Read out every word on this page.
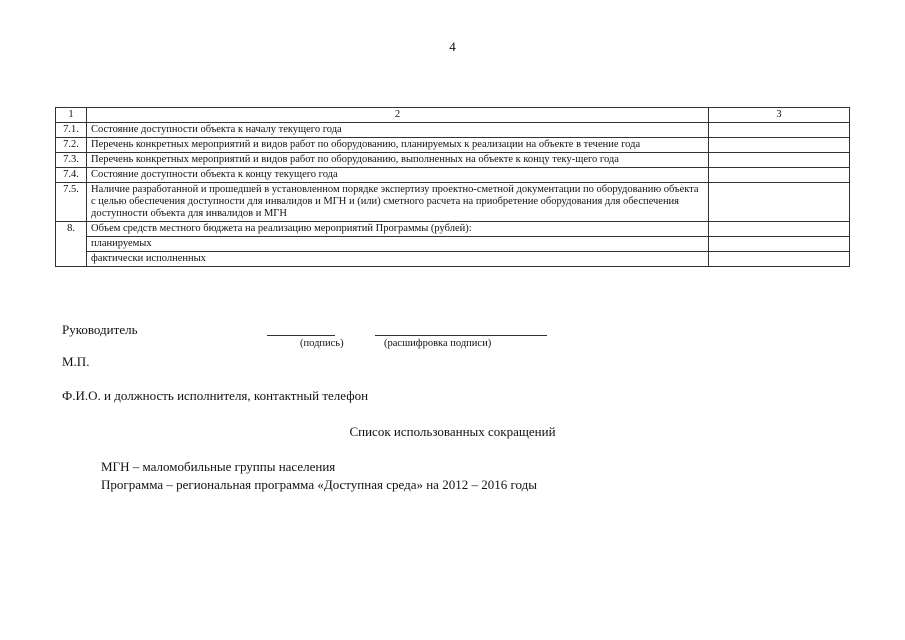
4
1	2	3
7.1.	Состояние доступности объекта к началу текущего года	
7.2.	Перечень конкретных мероприятий и видов работ по оборудованию, планируемых к реализации на объекте в течение года	
7.3.	Перечень конкретных мероприятий и видов работ по оборудованию, выполненных на объекте к концу теку-щего года	
7.4.	Состояние доступности объекта к концу текущего года	
7.5.	Наличие разработанной и прошедшей в установленном порядке экспертизу проектно-сметной документации по оборудованию объекта с целью обеспечения доступности для инвалидов и МГН и (или) сметного расчета на приобретение оборудования для обеспечения доступности объекта для инвалидов и МГН	
8.	Объем средств местного бюджета на реализацию мероприятий Программы (рублей):	
	планируемых	
	фактически исполненных	
Руководитель
(подпись)	(расшифровка подписи)
М.П.
Ф.И.О. и должность исполнителя, контактный телефон
Список использованных сокращений
МГН – маломобильные группы населения
Программа – региональная программа «Доступная среда» на 2012 – 2016 годы
